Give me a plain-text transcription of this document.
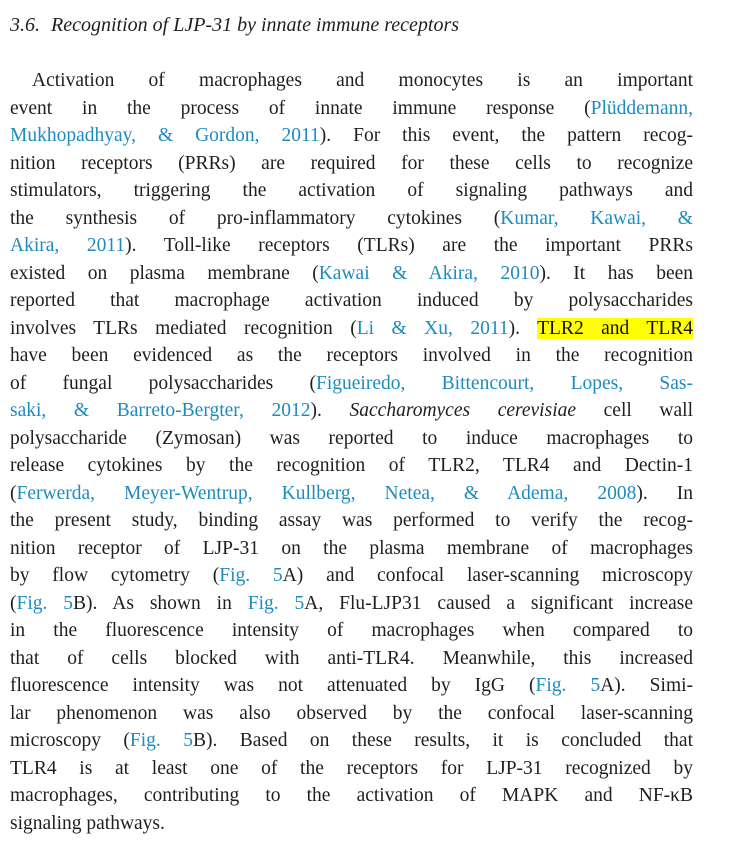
3.6. Recognition of LJP-31 by innate immune receptors
Activation of macrophages and monocytes is an important
event in the process of innate immune response (Plüddemann,
Mukhopadhyay, & Gordon, 2011). For this event, the pattern recog-
nition receptors (PRRs) are required for these cells to recognize
stimulators, triggering the activation of signaling pathways and
the synthesis of pro-inflammatory cytokines (Kumar, Kawai, &
Akira, 2011). Toll-like receptors (TLRs) are the important PRRs
existed on plasma membrane (Kawai & Akira, 2010). It has been
reported that macrophage activation induced by polysaccharides
involves TLRs mediated recognition (Li & Xu, 2011). TLR2 and TLR4
have been evidenced as the receptors involved in the recognition
of fungal polysaccharides (Figueiredo, Bittencourt, Lopes, Sas-
saki, & Barreto-Bergter, 2012). Saccharomyces cerevisiae cell wall
polysaccharide (Zymosan) was reported to induce macrophages to
release cytokines by the recognition of TLR2, TLR4 and Dectin-1
(Ferwerda, Meyer-Wentrup, Kullberg, Netea, & Adema, 2008). In
the present study, binding assay was performed to verify the recog-
nition receptor of LJP-31 on the plasma membrane of macrophages
by flow cytometry (Fig. 5A) and confocal laser-scanning microscopy
(Fig. 5B). As shown in Fig. 5A, Flu-LJP31 caused a significant increase
in the fluorescence intensity of macrophages when compared to
that of cells blocked with anti-TLR4. Meanwhile, this increased
fluorescence intensity was not attenuated by IgG (Fig. 5A). Simi-
lar phenomenon was also observed by the confocal laser-scanning
microscopy (Fig. 5B). Based on these results, it is concluded that
TLR4 is at least one of the receptors for LJP-31 recognized by
macrophages, contributing to the activation of MAPK and NF-κB
signaling pathways.
